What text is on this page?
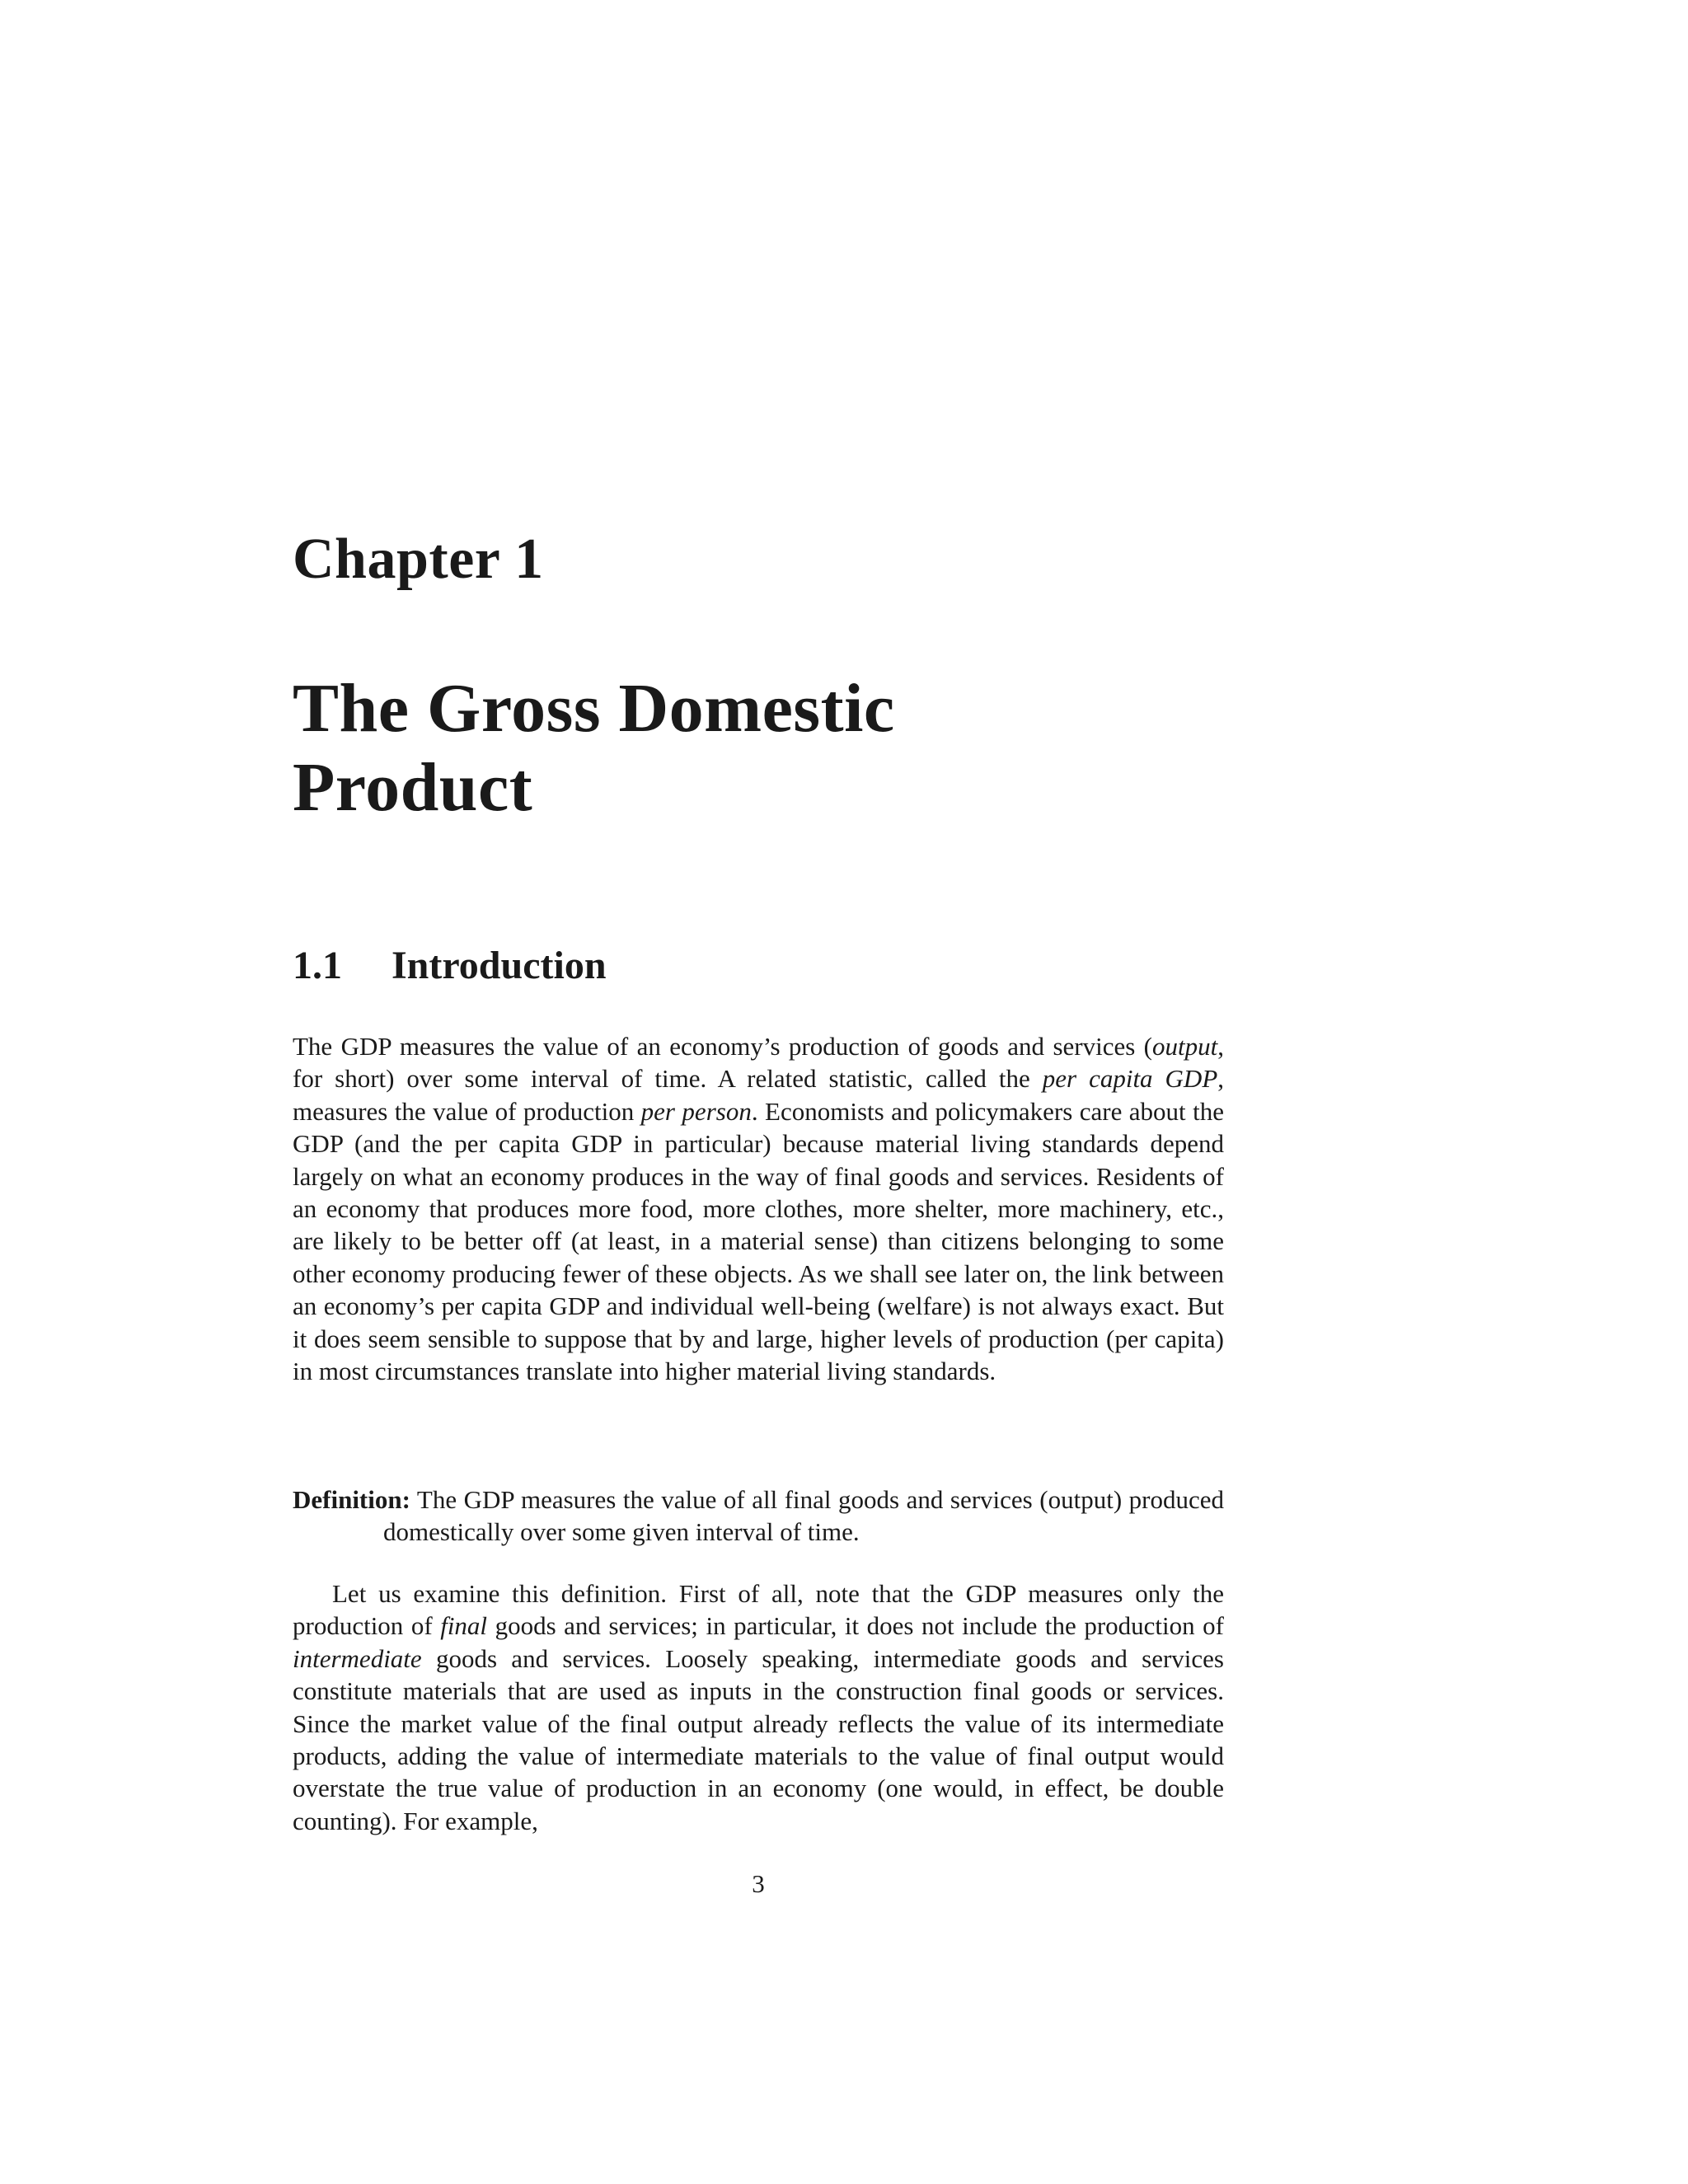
Chapter 1
The Gross Domestic
Product
1.1 Introduction

The GDP measures the value of an economy’s production of goods and services (output, for short) over some interval of time. A related statistic, called the per capita GDP, measures the value of production per person. Economists and policymakers care about the GDP (and the per capita GDP in particular) because material living standards depend largely on what an economy produces in the way of final goods and services. Residents of an economy that produces more food, more clothes, more shelter, more machinery, etc., are likely to be better off (at least, in a material sense) than citizens belonging to some other economy producing fewer of these objects. As we shall see later on, the link between an economy’s per capita GDP and individual well-being (welfare) is not always exact. But it does seem sensible to suppose that by and large, higher levels of production (per capita) in most circumstances translate into higher material living standards.

Definition: The GDP measures the value of all final goods and services (output) produced domestically over some given interval of time.

Let us examine this definition. First of all, note that the GDP measures only the production of final goods and services; in particular, it does not include the production of intermediate goods and services. Loosely speaking, intermediate goods and services constitute materials that are used as inputs in the construction final goods or services. Since the market value of the final output already reflects the value of its intermediate products, adding the value of intermediate materials to the value of final output would overstate the true value of production in an economy (one would, in effect, be double counting). For example,

3
